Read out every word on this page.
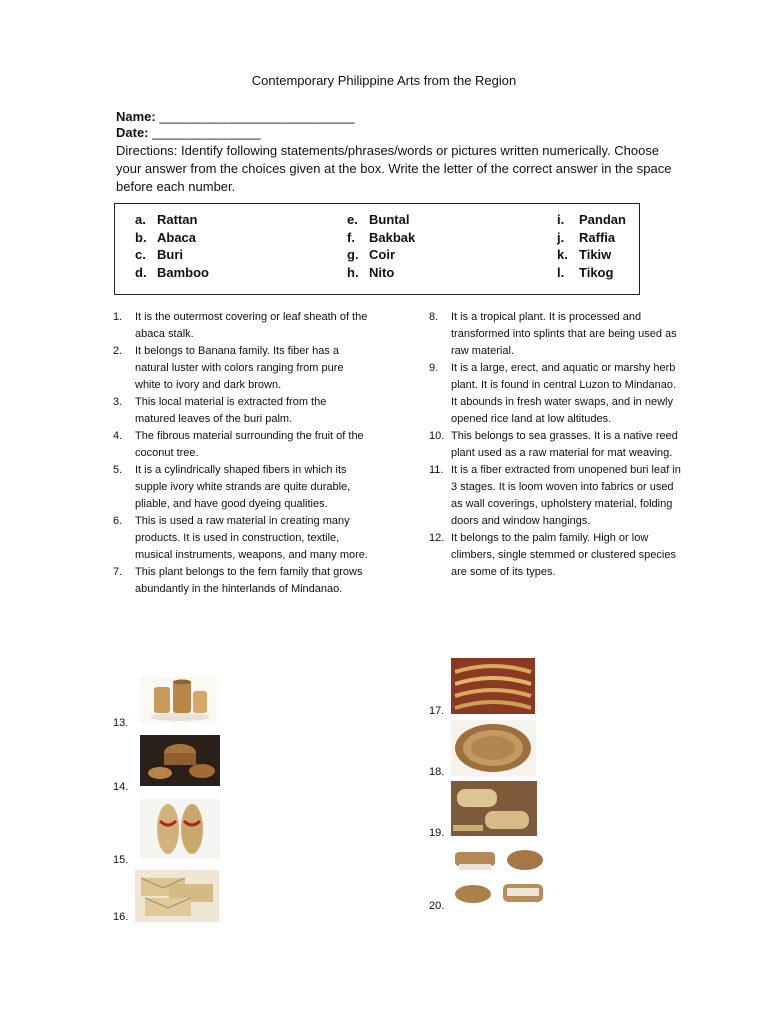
Contemporary Philippine Arts from the Region
Name: ___________________________
Date: _______________
Directions: Identify following statements/phrases/words or pictures written numerically. Choose your answer from the choices given at the box. Write the letter of the correct answer in the space before each number.
a. Rattan
b. Abaca
c. Buri
d. Bamboo
e. Buntal
f. Bakbak
g. Coir
h. Nito
i. Pandan
j. Raffia
k. Tikiw
l. Tikog

1. It is the outermost covering or leaf sheath of the abaca stalk.

2. It belongs to Banana family. Its fiber has a natural luster with colors ranging from pure white to ivory and dark brown.

3. This local material is extracted from the matured leaves of the buri palm.

4. The fibrous material surrounding the fruit of the coconut tree.

5. It is a cylindrically shaped fibers in which its supple ivory white strands are quite durable, pliable, and have good dyeing qualities.

6. This is used a raw material in creating many products. It is used in construction, textile, musical instruments, weapons, and many more.

7. This plant belongs to the fern family that grows abundantly in the hinterlands of Mindanao.

8. It is a tropical plant. It is processed and transformed into splints that are being used as raw material.

9. It is a large, erect, and aquatic or marshy herb plant. It is found in central Luzon to Mindanao. It abounds in fresh water swaps, and in newly opened rice land at low altitudes.

10. This belongs to sea grasses. It is a native reed plant used as a raw material for mat weaving.

11. It is a fiber extracted from unopened buri leaf in 3 stages. It is loom woven into fabrics or used as wall coverings, upholstery material, folding doors and window hangings.

12. It belongs to the palm family. High or low climbers, single stemmed or clustered species are some of its types.

13.
14.
15.
16.
17.
18.
19.
20.
